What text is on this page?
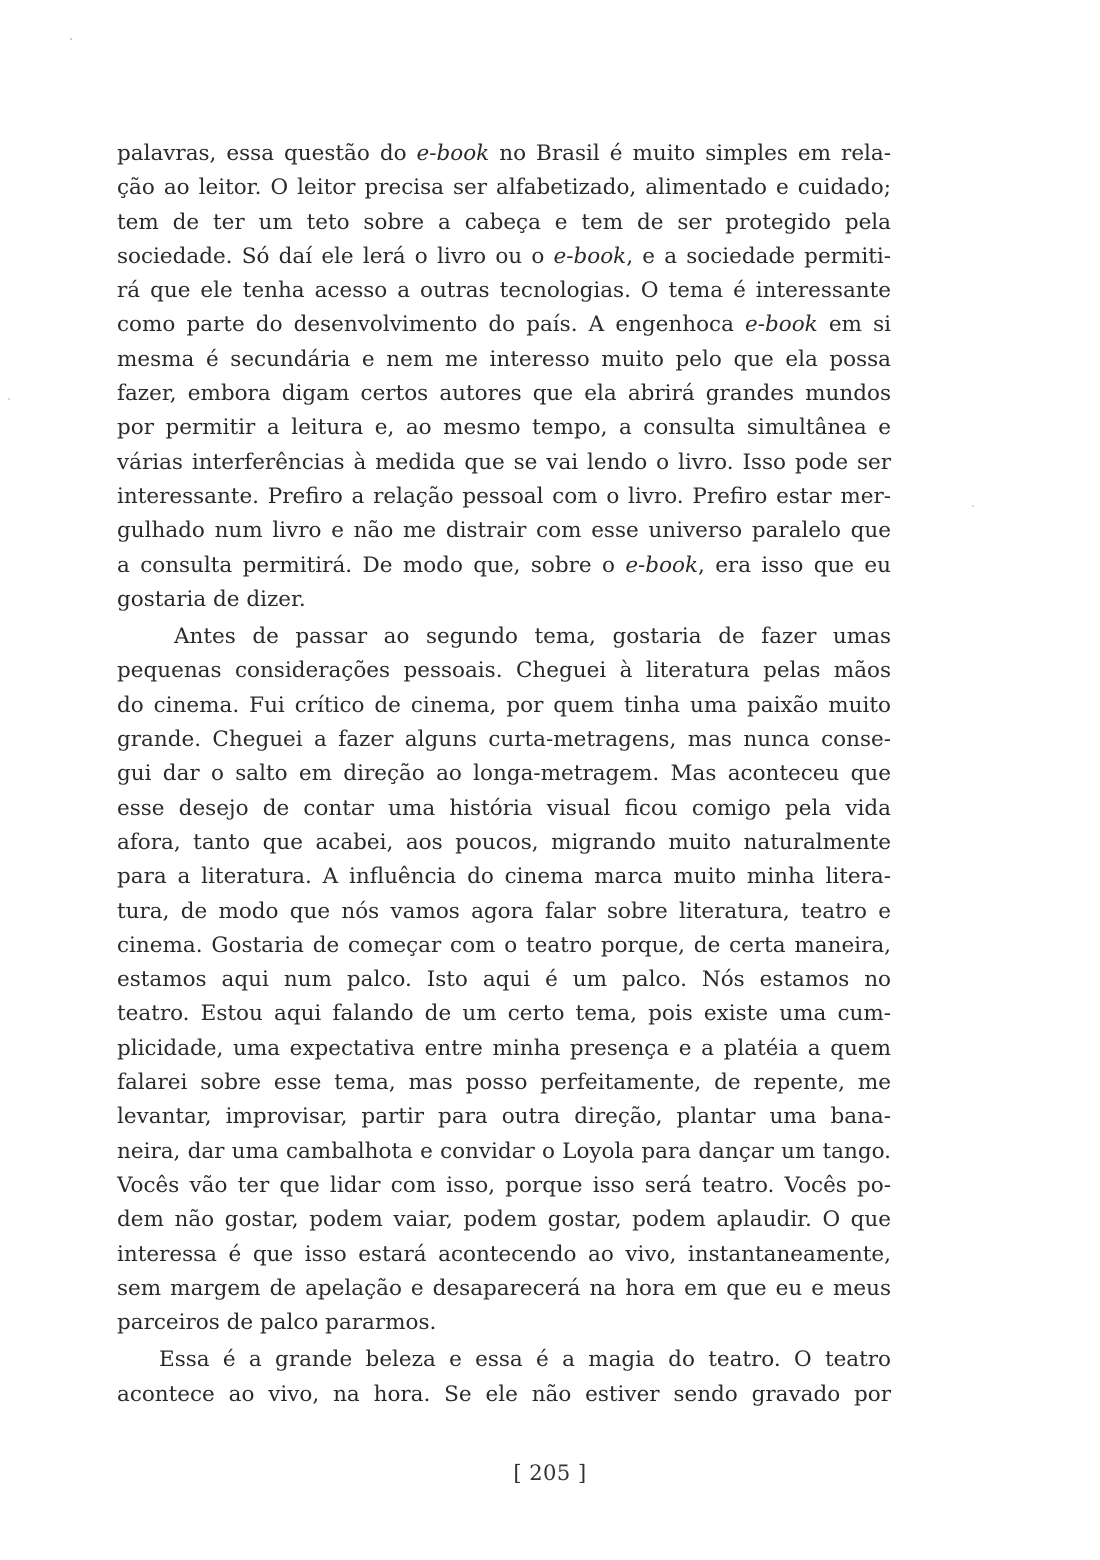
palavras, essa questão do e-book no Brasil é muito simples em rela-
ção ao leitor. O leitor precisa ser alfabetizado, alimentado e cuidado;
tem de ter um teto sobre a cabeça e tem de ser protegido pela
sociedade. Só daí ele lerá o livro ou o e-book, e a sociedade permiti-
rá que ele tenha acesso a outras tecnologias. O tema é interessante
como parte do desenvolvimento do país. A engenhoca e-book em si
mesma é secundária e nem me interesso muito pelo que ela possa
fazer, embora digam certos autores que ela abrirá grandes mundos
por permitir a leitura e, ao mesmo tempo, a consulta simultânea e
várias interferências à medida que se vai lendo o livro. Isso pode ser
interessante. Prefiro a relação pessoal com o livro. Prefiro estar mer-
gulhado num livro e não me distrair com esse universo paralelo que
a consulta permitirá. De modo que, sobre o e-book, era isso que eu
gostaria de dizer.
Antes de passar ao segundo tema, gostaria de fazer umas
pequenas considerações pessoais. Cheguei à literatura pelas mãos
do cinema. Fui crítico de cinema, por quem tinha uma paixão muito
grande. Cheguei a fazer alguns curta-metragens, mas nunca conse-
gui dar o salto em direção ao longa-metragem. Mas aconteceu que
esse desejo de contar uma história visual ficou comigo pela vida
afora, tanto que acabei, aos poucos, migrando muito naturalmente
para a literatura. A influência do cinema marca muito minha litera-
tura, de modo que nós vamos agora falar sobre literatura, teatro e
cinema. Gostaria de começar com o teatro porque, de certa maneira,
estamos aqui num palco. Isto aqui é um palco. Nós estamos no
teatro. Estou aqui falando de um certo tema, pois existe uma cum-
plicidade, uma expectativa entre minha presença e a platéia a quem
falarei sobre esse tema, mas posso perfeitamente, de repente, me
levantar, improvisar, partir para outra direção, plantar uma bana-
neira, dar uma cambalhota e convidar o Loyola para dançar um tango.
Vocês vão ter que lidar com isso, porque isso será teatro. Vocês po-
dem não gostar, podem vaiar, podem gostar, podem aplaudir. O que
interessa é que isso estará acontecendo ao vivo, instantaneamente,
sem margem de apelação e desaparecerá na hora em que eu e meus
parceiros de palco pararmos.
Essa é a grande beleza e essa é a magia do teatro. O teatro
acontece ao vivo, na hora. Se ele não estiver sendo gravado por
[ 205 ]
